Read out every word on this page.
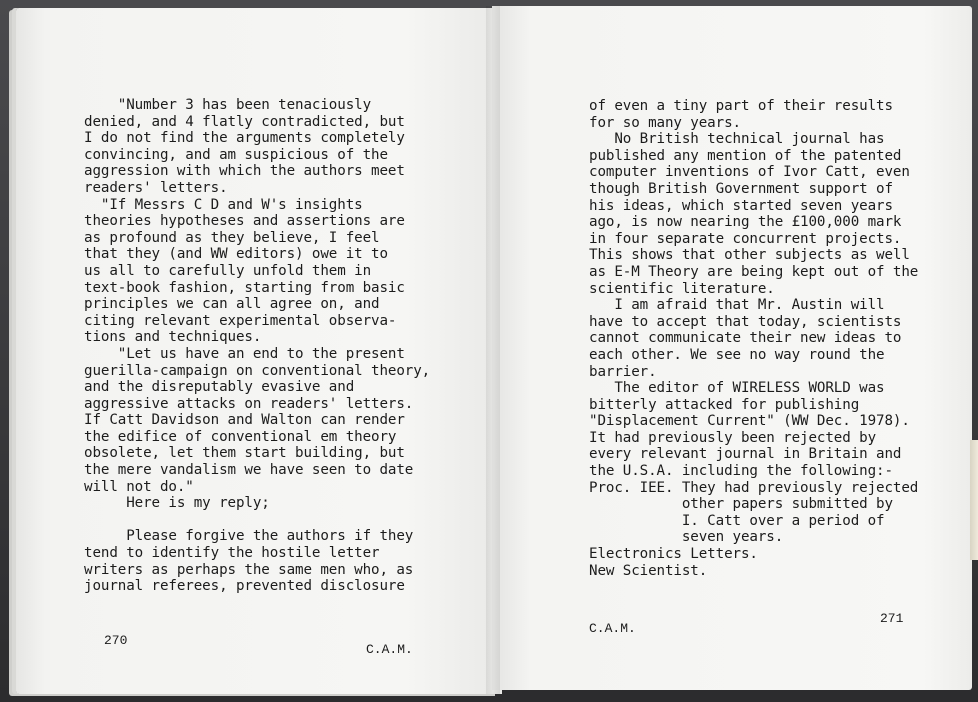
"Number 3 has been tenaciously
denied, and 4 flatly contradicted, but
I do not find the arguments completely
convincing, and am suspicious of the
aggression with which the authors meet
readers' letters.
"If Messrs C D and W's insights
theories hypotheses and assertions are
as profound as they believe, I feel
that they (and WW editors) owe it to
us all to carefully unfold them in
text-book fashion, starting from basic
principles we can all agree on, and
citing relevant experimental observa-
tions and techniques.
"Let us have an end to the present
guerilla-campaign on conventional theory,
and the disreputably evasive and
aggressive attacks on readers' letters.
If Catt Davidson and Walton can render
the edifice of conventional em theory
obsolete, let them start building, but
the mere vandalism we have seen to date
will not do."
Here is my reply;

Please forgive the authors if they
tend to identify the hostile letter
writers as perhaps the same men who, as
journal referees, prevented disclosure

270
C.A.M.
of even a tiny part of their results
for so many years.
No British technical journal has
published any mention of the patented
computer inventions of Ivor Catt, even
though British Government support of
his ideas, which started seven years
ago, is now nearing the £100,000 mark
in four separate concurrent projects.
This shows that other subjects as well
as E-M Theory are being kept out of the
scientific literature.
I am afraid that Mr. Austin will
have to accept that today, scientists
cannot communicate their new ideas to
each other. We see no way round the
barrier.
The editor of WIRELESS WORLD was
bitterly attacked for publishing
"Displacement Current" (WW Dec. 1978).
It had previously been rejected by
every relevant journal in Britain and
the U.S.A. including the following:-
Proc. IEE. They had previously rejected
other papers submitted by
I. Catt over a period of
seven years.
Electronics Letters.
New Scientist.

271
C.A.M.
